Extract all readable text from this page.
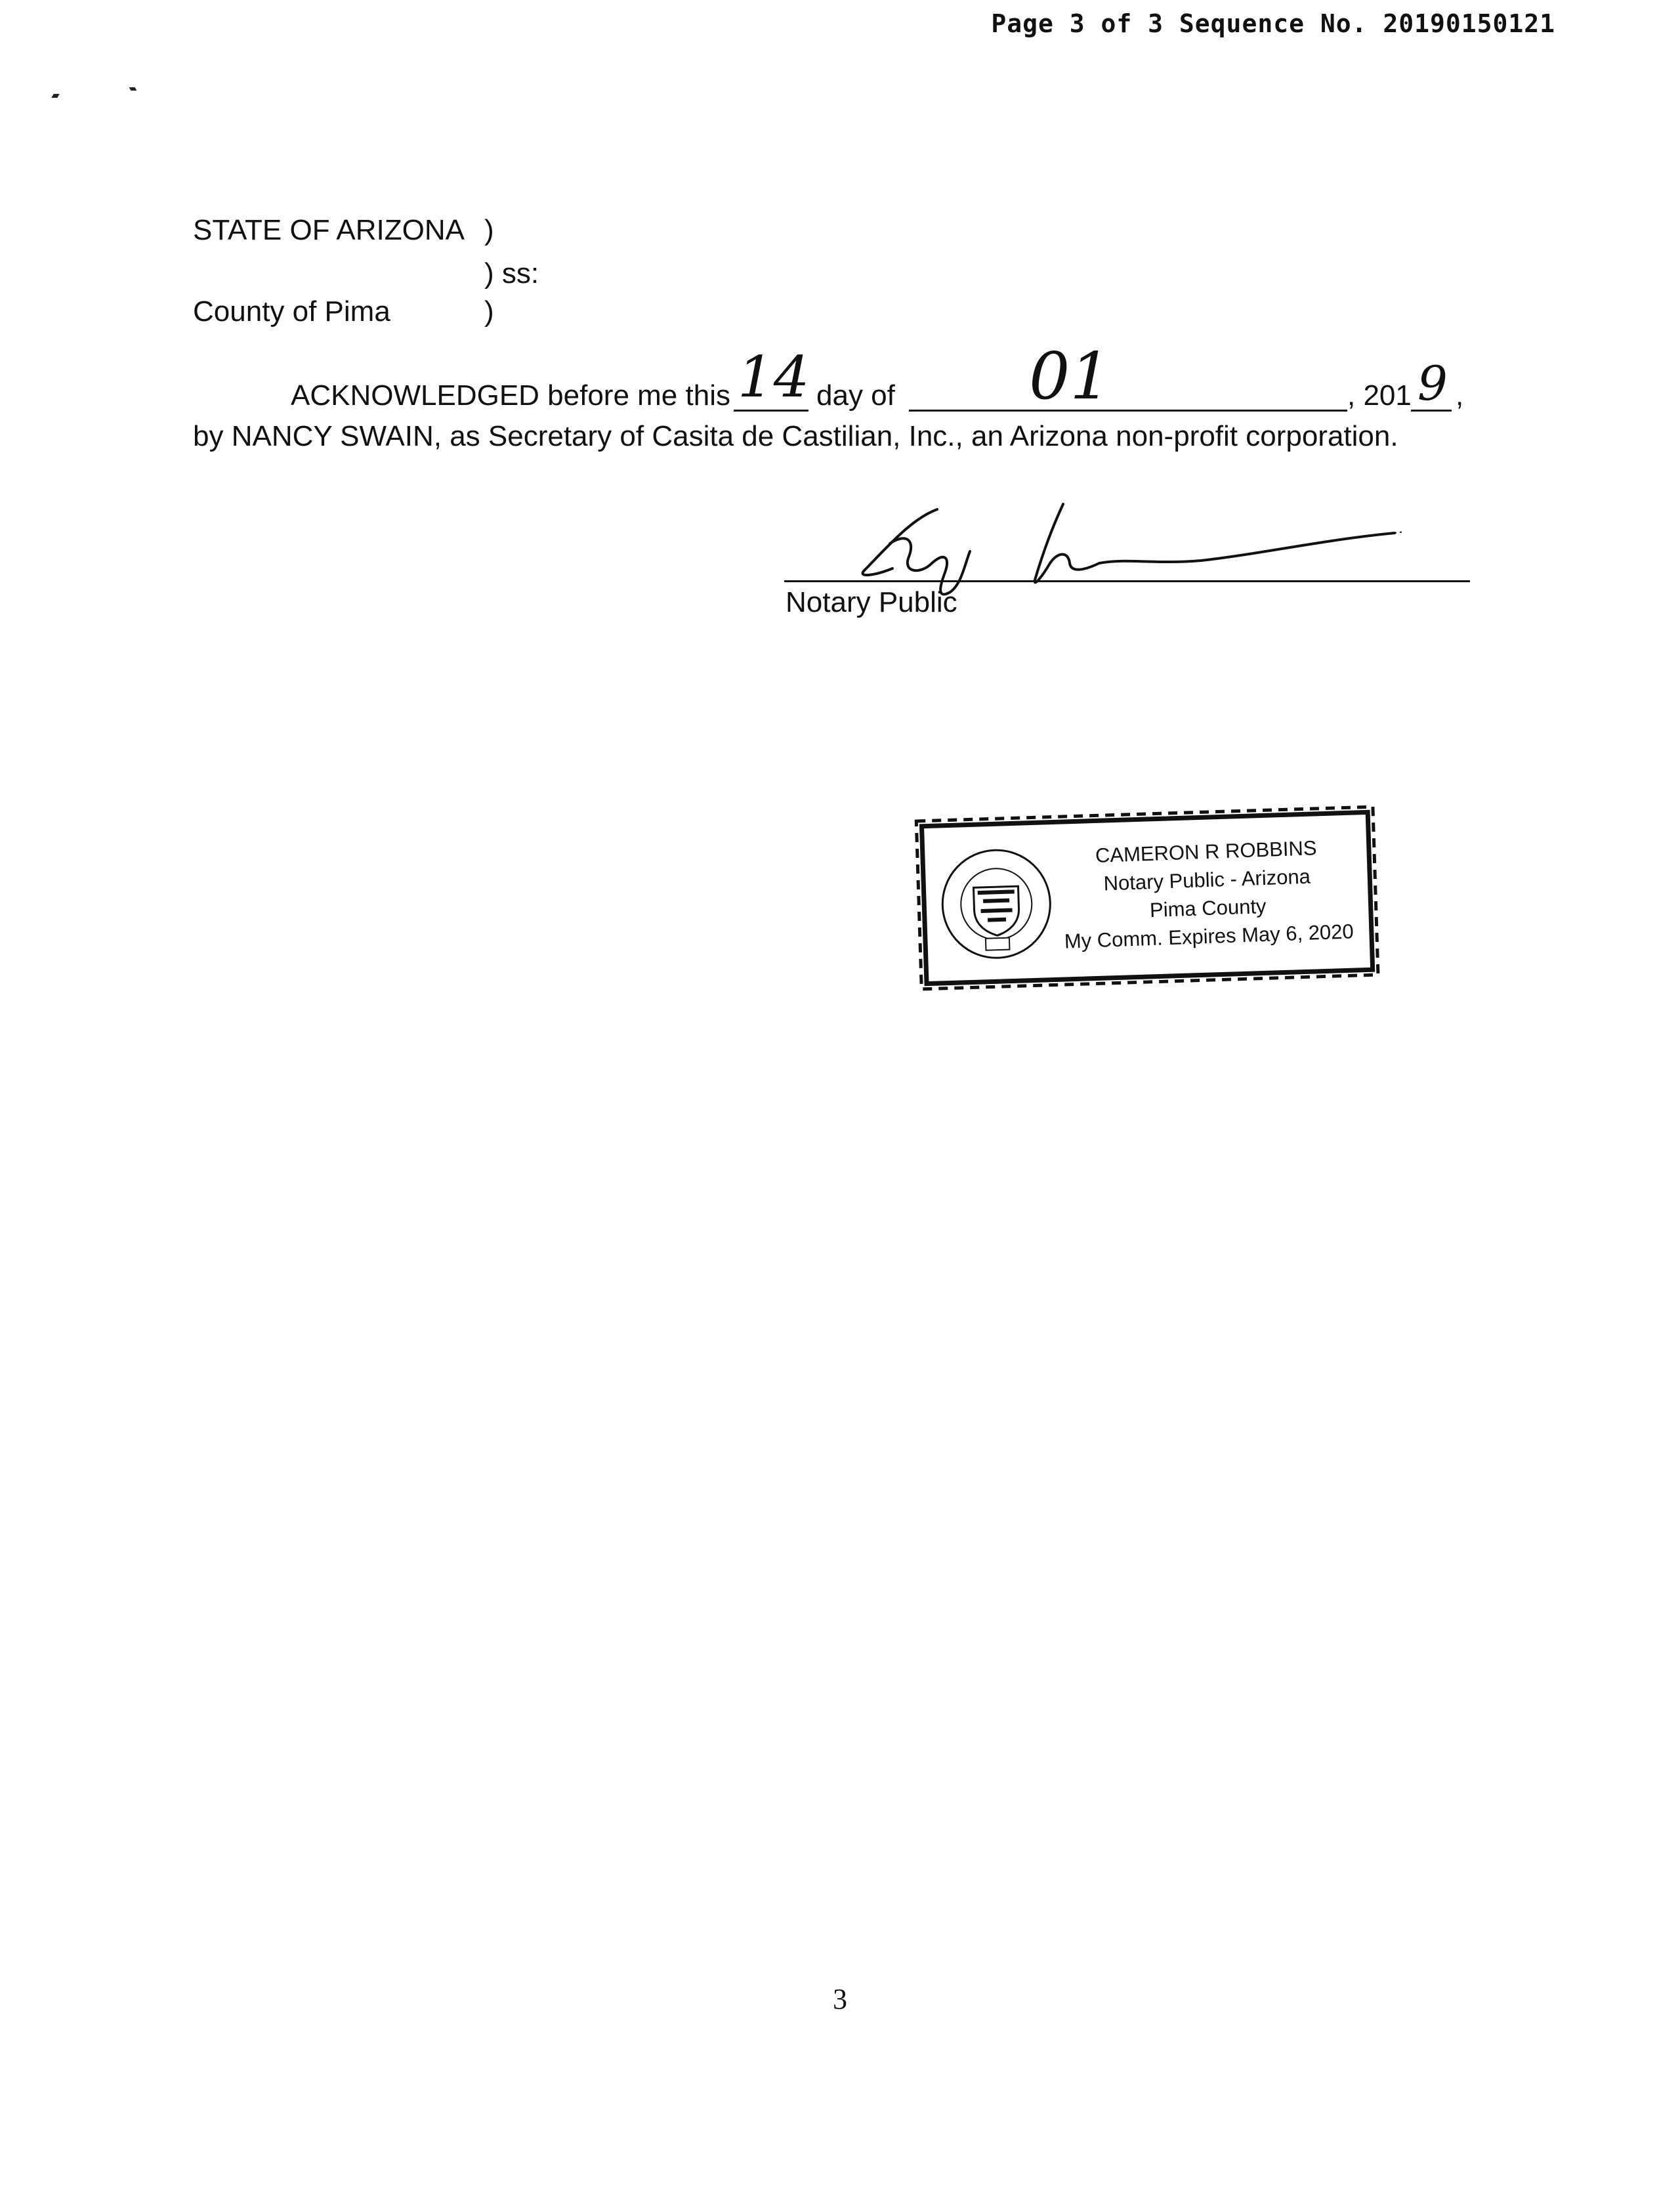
Page 3 of 3 Sequence No. 20190150121
STATE OF ARIZONA )
) ss:
County of Pima	)
ACKNOWLEDGED before me this 14 day of 01	, 201 9 ,
by NANCY SWAIN, as Secretary of Casita de Castilian, Inc., an Arizona non-profit corporation.
Notary Public
CAMERON R ROBBINS
Notary Public - Arizona
Pima County
My Comm. Expires May 6, 2020
3
